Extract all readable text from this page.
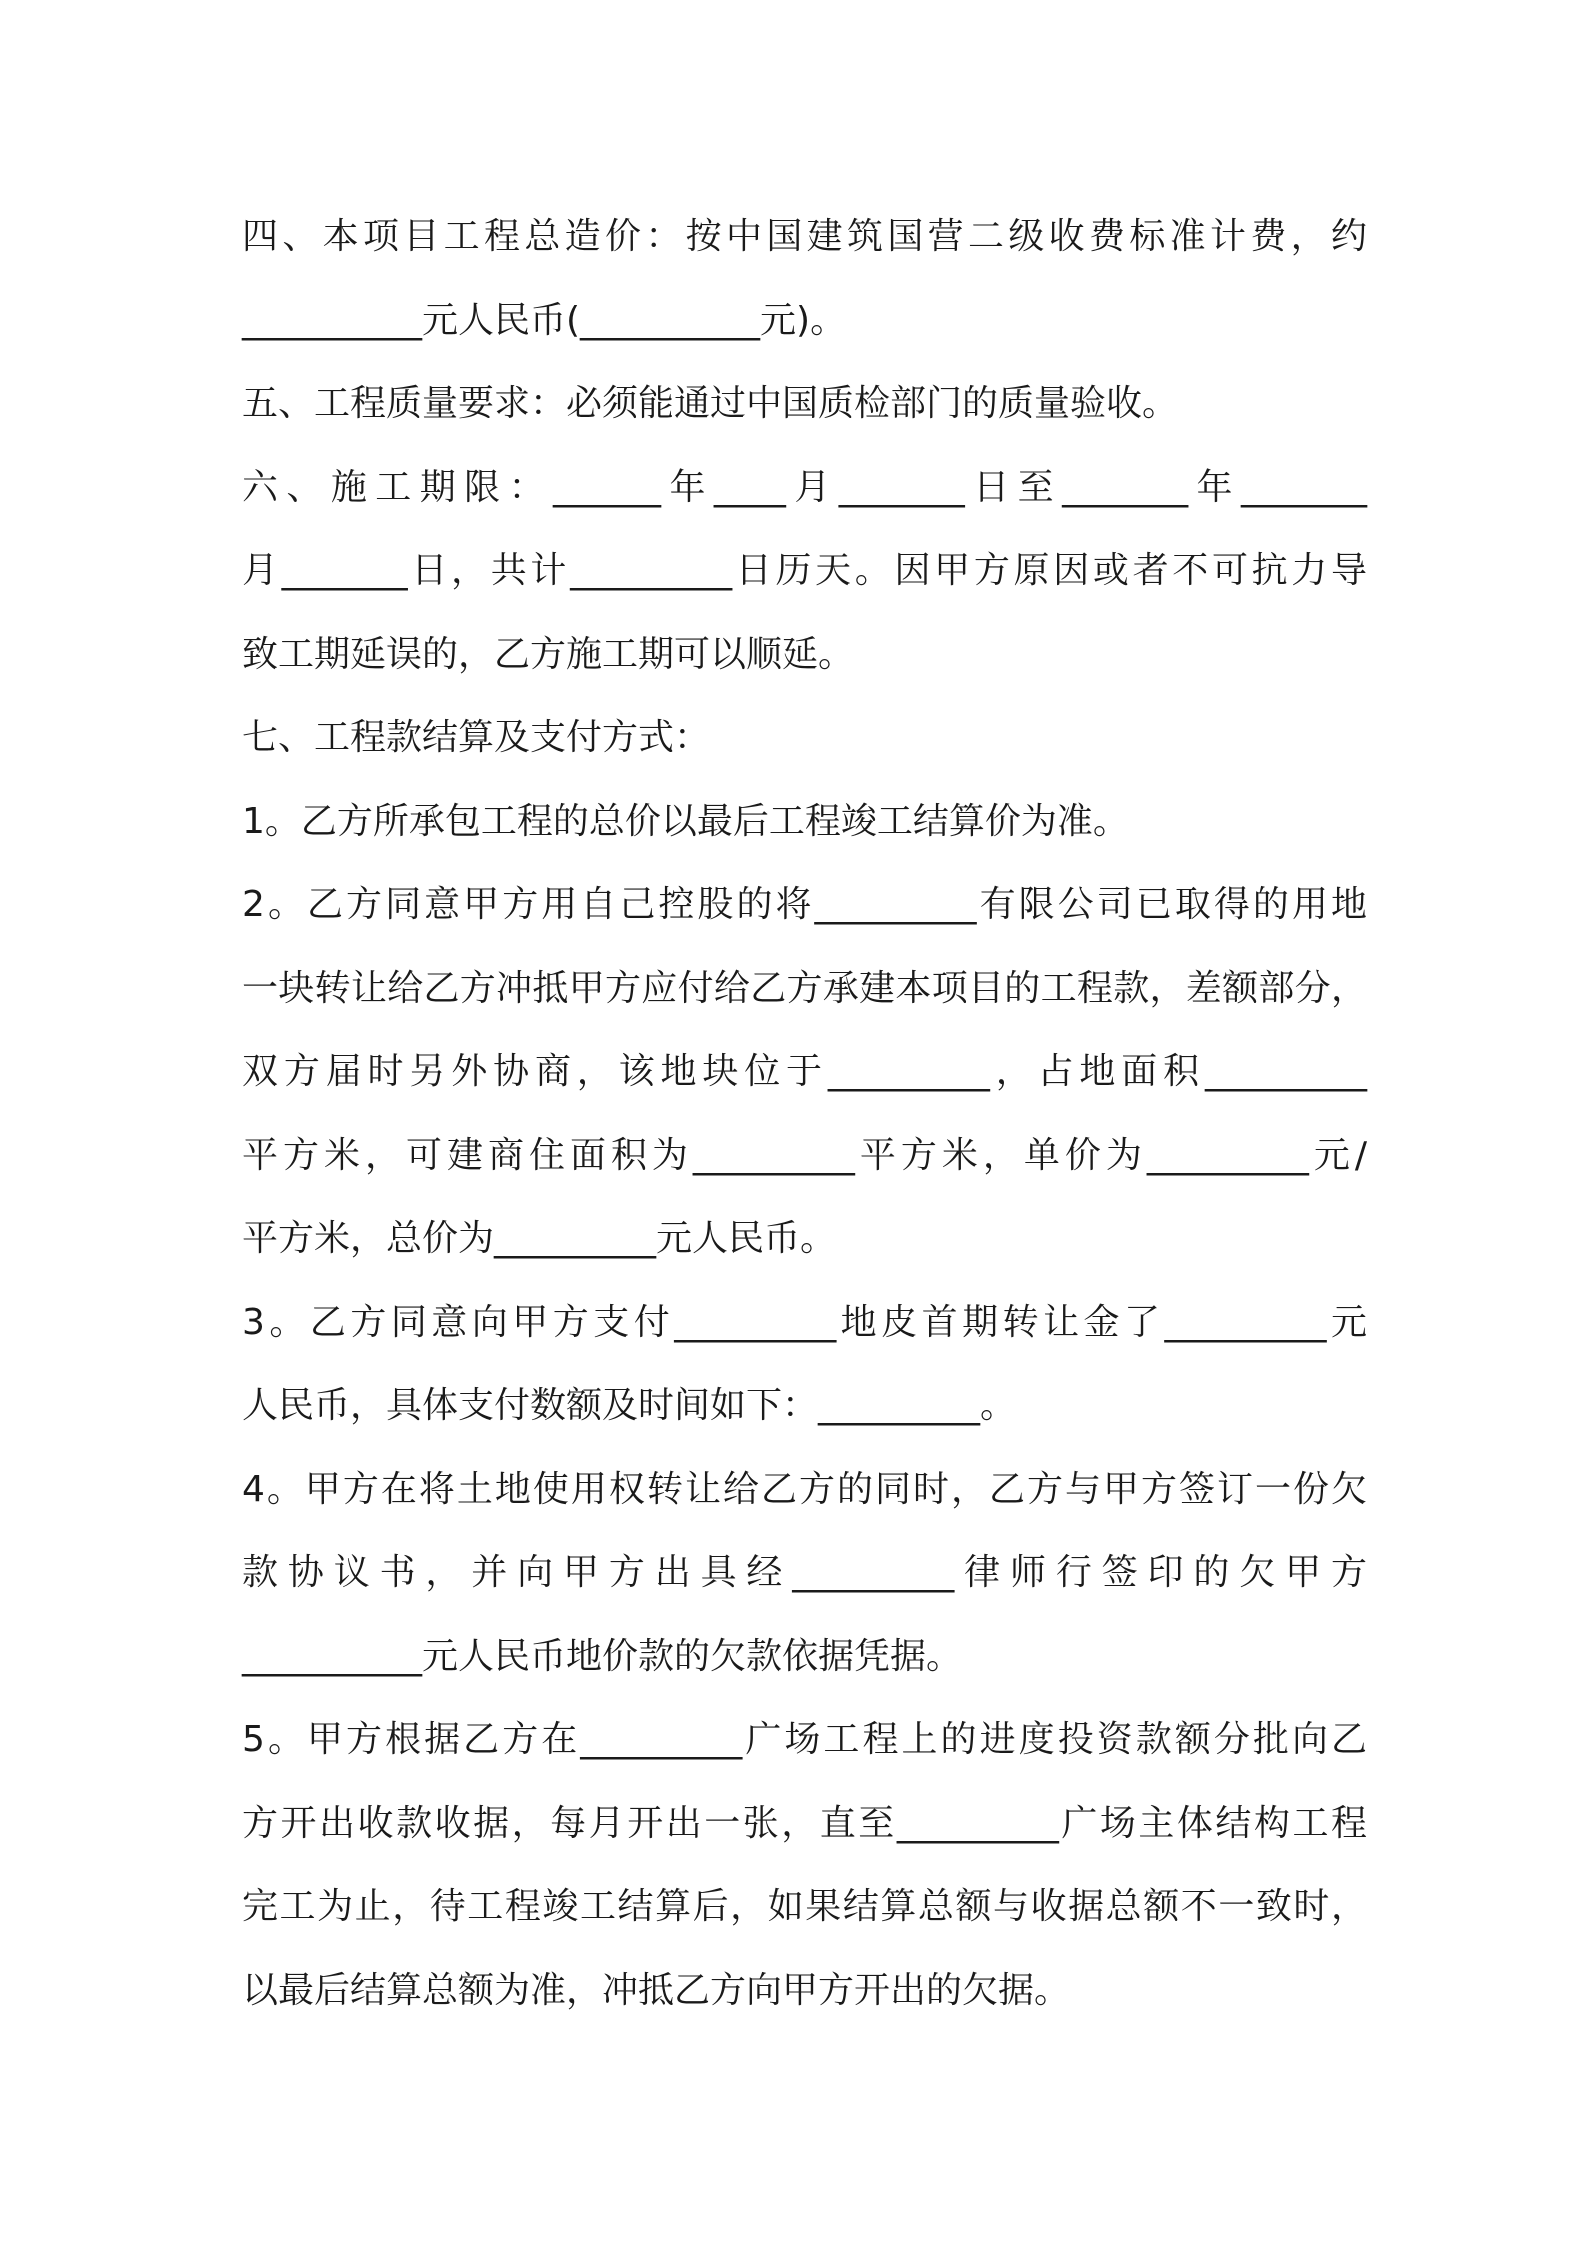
四、本项目工程总造价：按中国建筑国营二级收费标准计费，约
__________元人民币(__________元)。
五、工程质量要求：必须能通过中国质检部门的质量验收。
六、施工期限：______年____月_______日至_______年_______
月_______日，共计_________日历天。因甲方原因或者不可抗力导
致工期延误的，乙方施工期可以顺延。
七、工程款结算及支付方式：
1。乙方所承包工程的总价以最后工程竣工结算价为准。
2。乙方同意甲方用自己控股的将_________有限公司已取得的用地
一块转让给乙方冲抵甲方应付给乙方承建本项目的工程款，差额部分，
双方届时另外协商，该地块位于_________，占地面积_________
平方米，可建商住面积为_________平方米，单价为_________元/
平方米，总价为_________元人民币。
3。乙方同意向甲方支付_________地皮首期转让金了_________元
人民币，具体支付数额及时间如下：_________。
4。甲方在将土地使用权转让给乙方的同时，乙方与甲方签订一份欠
款协议书，并向甲方出具经_________律师行签印的欠甲方
__________元人民币地价款的欠款依据凭据。
5。甲方根据乙方在_________广场工程上的进度投资款额分批向乙
方开出收款收据，每月开出一张，直至_________广场主体结构工程
完工为止，待工程竣工结算后，如果结算总额与收据总额不一致时，
以最后结算总额为准，冲抵乙方向甲方开出的欠据。
